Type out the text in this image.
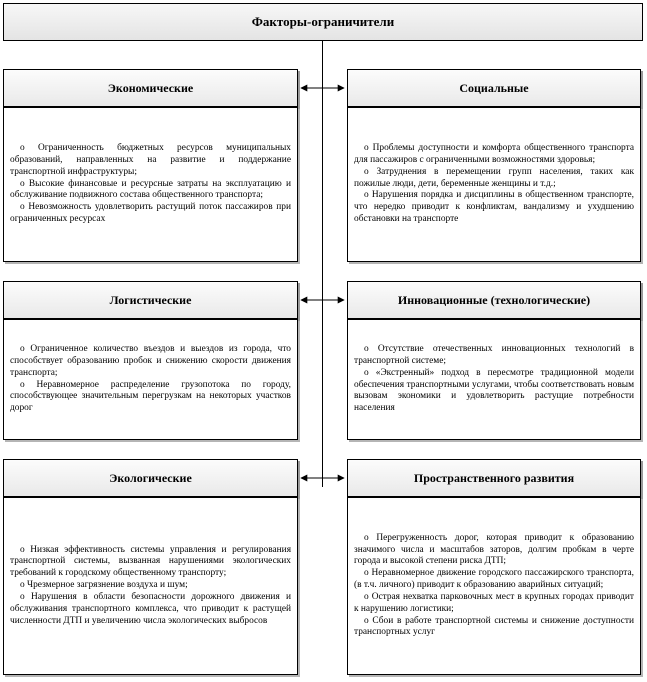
Факторы-ограничители
Экономические
o Ограниченность бюджетных ресурсов муниципальных образований, направленных на развитие и поддержание транспортной инфраструктуры;
o Высокие финансовые и ресурсные затраты на эксплуатацию и обслуживание подвижного состава общественного транспорта;
o Невозможность удовлетворить растущий поток пассажиров при ограниченных ресурсах
Социальные
o Проблемы доступности и комфорта общественного транспорта для пассажиров с ограниченными возможностями здоровья;
o Затруднения в перемещении групп населения, таких как пожилые люди, дети, беременные женщины и т.д.;
o Нарушения порядка и дисциплины в общественном транспорте, что нередко приводит к конфликтам, вандализму и ухудшению обстановки на транспорте
Логистические
o Ограниченное количество въездов и выездов из города, что способствует образованию пробок и снижению скорости движения транспорта;
o Неравномерное распределение грузопотока по городу, способствующее значительным перегрузкам на некоторых участков дорог
Инновационные (технологические)
o Отсутствие отечественных инновационных технологий в транспортной системе;
o «Экстренный» подход в пересмотре традиционной модели обеспечения транспортными услугами, чтобы соответствовать новым вызовам экономики и удовлетворить растущие потребности населения
Экологические
o Низкая эффективность системы управления и регулирования транспортной системы, вызванная нарушениями экологических требований к городскому общественному транспорту;
o Чрезмерное загрязнение воздуха и шум;
o Нарушения в области безопасности дорожного движения и обслуживания транспортного комплекса, что приводит к растущей численности ДТП и увеличению числа экологических выбросов
Пространственного развития
o Перегруженность дорог, которая приводит к образованию значимого числа и масштабов заторов, долгим пробкам в черте города и высокой степени риска ДТП;
o Неравномерное движение городского пассажирского транспорта, (в т.ч. личного) приводит к образованию аварийных ситуаций;
o Острая нехватка парковочных мест в крупных городах приводит к нарушению логистики;
o Сбои в работе транспортной системы и снижение доступности транспортных услуг
